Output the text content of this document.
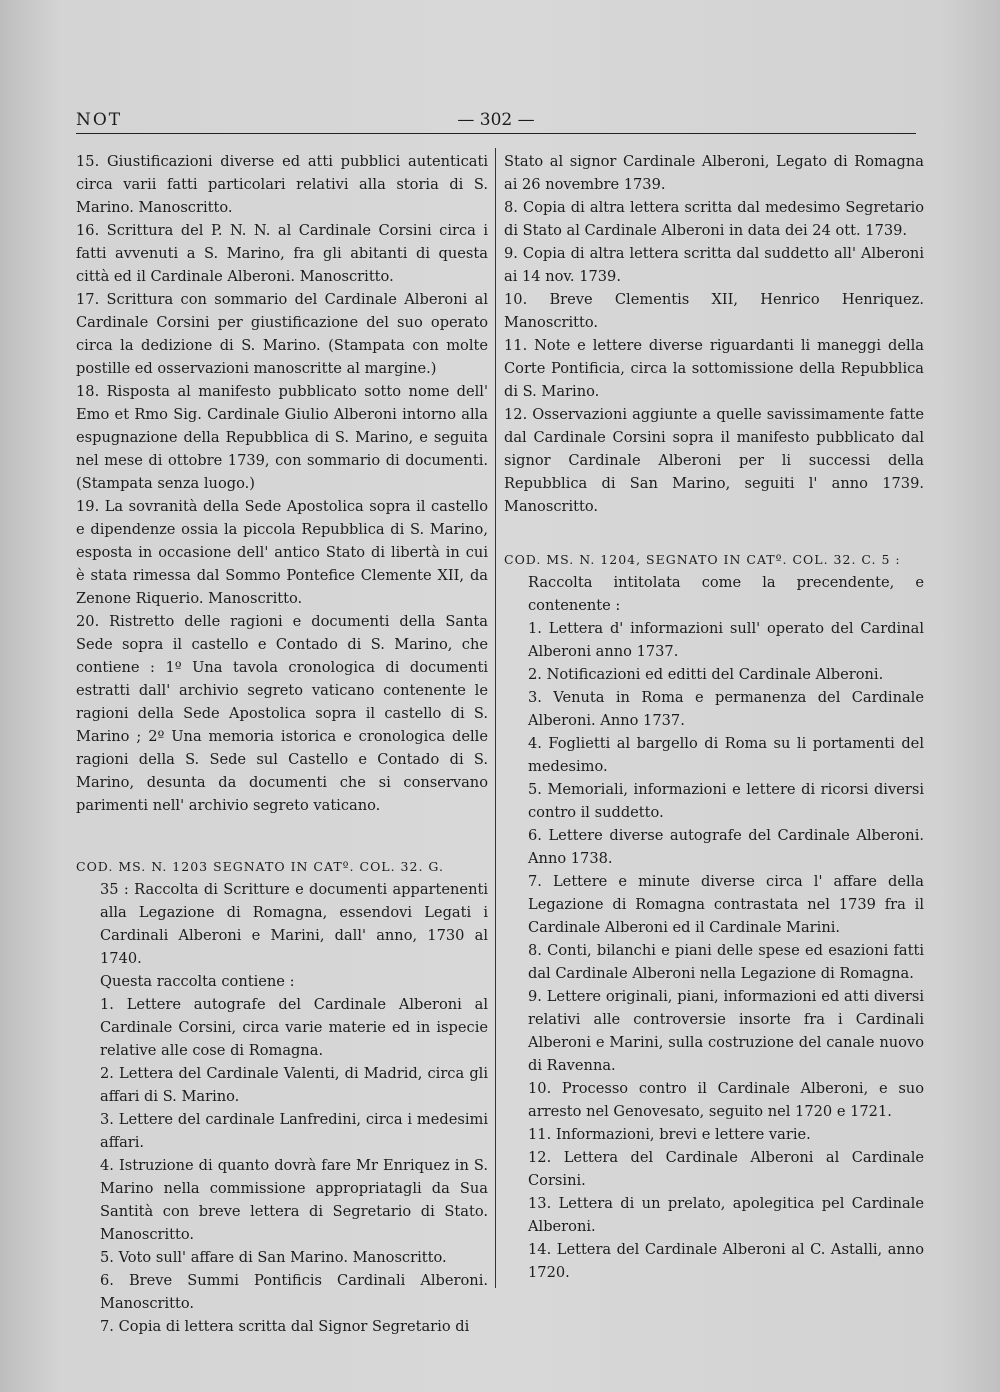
NOT	— 302 —

15. Giustificazioni diverse ed atti pubblici autenticati circa varii fatti particolari relativi alla storia di S. Marino. Manoscritto.

16. Scrittura del P. N. N. al Cardinale Corsini circa i fatti avvenuti a S. Marino, fra gli abitanti di questa città ed il Cardinale Alberoni. Manoscritto.

17. Scrittura con sommario del Cardinale Alberoni al Cardinale Corsini per giustificazione del suo operato circa la dedizione di S. Marino. (Stampata con molte postille ed osservazioni manoscritte al margine.)

18. Risposta al manifesto pubblicato sotto nome dell' Emo et Rmo Sig. Cardinale Giulio Alberoni intorno alla espugnazione della Repubblica di S. Marino, e seguita nel mese di ottobre 1739, con sommario di documenti. (Stampata senza luogo.)

19. La sovranità della Sede Apostolica sopra il castello e dipendenze ossia la piccola Repubblica di S. Marino, esposta in occasione dell' antico Stato di libertà in cui è stata rimessa dal Sommo Pontefice Clemente XII, da Zenone Riquerio. Manoscritto.

20. Ristretto delle ragioni e documenti della Santa Sede sopra il castello e Contado di S. Marino, che contiene : 1º Una tavola cronologica di documenti estratti dall' archivio segreto vaticano contenente le ragioni della Sede Apostolica sopra il castello di S. Marino ; 2º Una memoria istorica e cronologica delle ragioni della S. Sede sul Castello e Contado di S. Marino, desunta da documenti che si conservano parimenti nell' archivio segreto vaticano.

COD. MS. N. 1203 SEGNATO IN CATº. COL. 32. G.

35 : Raccolta di Scritture e documenti appartenenti alla Legazione di Romagna, essendovi Legati i Cardinali Alberoni e Marini, dall' anno, 1730 al 1740.

Questa raccolta contiene :

1. Lettere autografe del Cardinale Alberoni al Cardinale Corsini, circa varie materie ed in ispecie relative alle cose di Romagna.

2. Lettera del Cardinale Valenti, di Madrid, circa gli affari di S. Marino.

3. Lettere del cardinale Lanfredini, circa i medesimi affari.

4. Istruzione di quanto dovrà fare Mr Enriquez in S. Marino nella commissione appropriatagli da Sua Santità con breve lettera di Segretario di Stato. Manoscritto.

5. Voto sull' affare di San Marino. Manoscritto.

6. Breve Summi Pontificis Cardinali Alberoni. Manoscritto.

7. Copia di lettera scritta dal Signor Segretario di

Stato al signor Cardinale Alberoni, Legato di Romagna ai 26 novembre 1739.

8. Copia di altra lettera scritta dal medesimo Segretario di Stato al Cardinale Alberoni in data dei 24 ott. 1739.

9. Copia di altra lettera scritta dal suddetto all' Alberoni ai 14 nov. 1739.

10. Breve Clementis XII, Henrico Henriquez. Manoscritto.

11. Note e lettere diverse riguardanti li maneggi della Corte Pontificia, circa la sottomissione della Repubblica di S. Marino.

12. Osservazioni aggiunte a quelle savissimamente fatte dal Cardinale Corsini sopra il manifesto pubblicato dal signor Cardinale Alberoni per li successi della Repubblica di San Marino, seguiti l' anno 1739. Manoscritto.

COD. MS. N. 1204, SEGNATO IN CATº. COL. 32. C. 5 :

Raccolta intitolata come la precendente, e contenente :

1. Lettera d' informazioni sull' operato del Cardinal Alberoni anno 1737.

2. Notificazioni ed editti del Cardinale Alberoni.

3. Venuta in Roma e permanenza del Cardinale Alberoni. Anno 1737.

4. Foglietti al bargello di Roma su li portamenti del medesimo.

5. Memoriali, informazioni e lettere di ricorsi diversi contro il suddetto.

6. Lettere diverse autografe del Cardinale Alberoni. Anno 1738.

7. Lettere e minute diverse circa l' affare della Legazione di Romagna contrastata nel 1739 fra il Cardinale Alberoni ed il Cardinale Marini.

8. Conti, bilanchi e piani delle spese ed esazioni fatti dal Cardinale Alberoni nella Legazione di Romagna.

9. Lettere originali, piani, informazioni ed atti diversi relativi alle controversie insorte fra i Cardinali Alberoni e Marini, sulla costruzione del canale nuovo di Ravenna.

10. Processo contro il Cardinale Alberoni, e suo arresto nel Genovesato, seguito nel 1720 e 1721.

11. Informazioni, brevi e lettere varie.

12. Lettera del Cardinale Alberoni al Cardinale Corsini.

13. Lettera di un prelato, apolegitica pel Cardinale Alberoni.

14. Lettera del Cardinale Alberoni al C. Astalli, anno 1720.
